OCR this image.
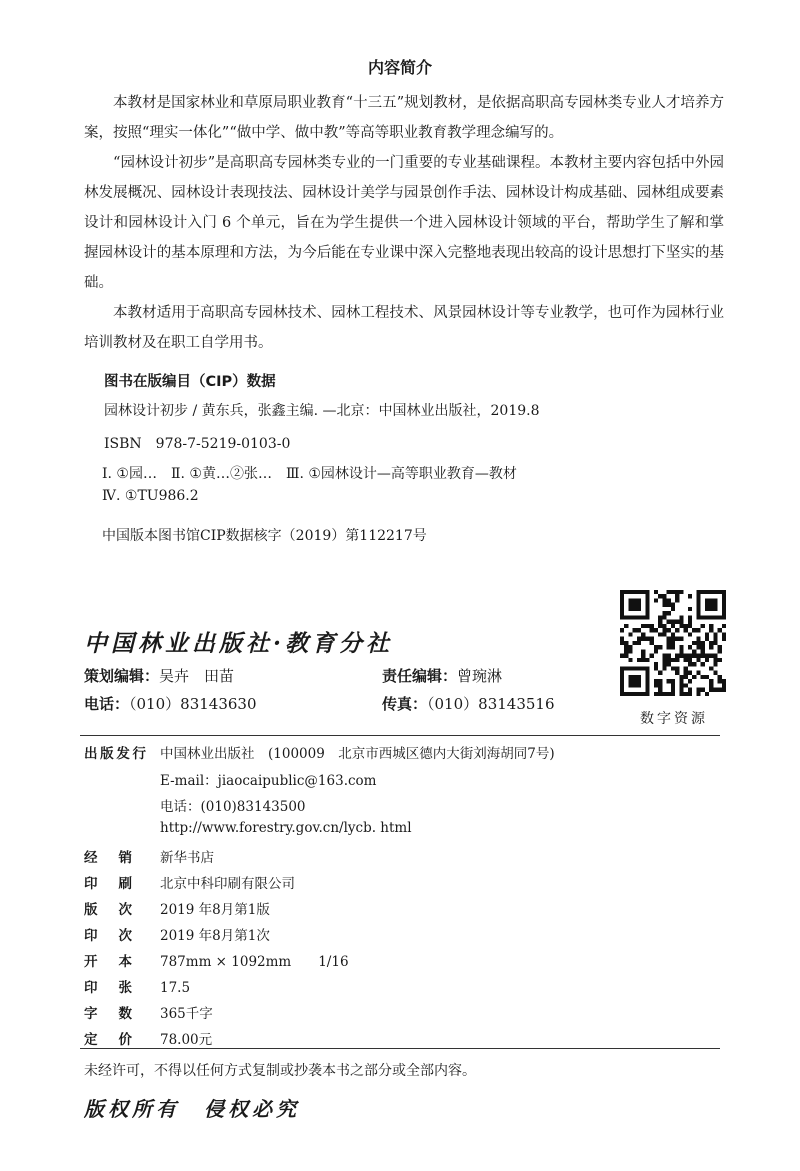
内容简介

本教材是国家林业和草原局职业教育“十三五”规划教材，是依据高职高专园林类专业人才培养方案，按照“理实一体化”“做中学、做中教”等高等职业教育教学理念编写的。

“园林设计初步”是高职高专园林类专业的一门重要的专业基础课程。本教材主要内容包括中外园林发展概况、园林设计表现技法、园林设计美学与园景创作手法、园林设计构成基础、园林组成要素设计和园林设计入门 6 个单元，旨在为学生提供一个进入园林设计领域的平台，帮助学生了解和掌握园林设计的基本原理和方法，为今后能在专业课中深入完整地表现出较高的设计思想打下坚实的基础。

本教材适用于高职高专园林技术、园林工程技术、风景园林设计等专业教学，也可作为园林行业培训教材及在职工自学用书。

图书在版编目（CIP）数据
园林设计初步 / 黄东兵，张鑫主编. —北京：中国林业出版社，2019.8
ISBN　978-7-5219-0103-0
Ⅰ. ①园…　Ⅱ. ①黄…②张…　Ⅲ. ①园林设计—高等职业教育—教材
Ⅳ. ①TU986.2
中国版本图书馆CIP数据核字（2019）第112217号
中国林业出版社·教育分社
策划编辑：吴卉　田苗	责任编辑：曾琬淋
电话：（010）83143630	传真：（010）83143516
数字资源
出 版 发 行 中国林业出版社　(100009　北京市西城区德内大街刘海胡同7号)
E-mail：jiaocaipublic@163.com
电话：(010)83143500
http://www.forestry.gov.cn/lycb. html
经 销 新华书店
印 刷 北京中科印刷有限公司
版 次 2019 年8月第1版
印 次 2019 年8月第1次
开 本 787mm × 1092mm　　1/16
印 张 17.5
字 数 365千字
定 价 78.00元
未经许可，不得以任何方式复制或抄袭本书之部分或全部内容。
版权所有　侵权必究
